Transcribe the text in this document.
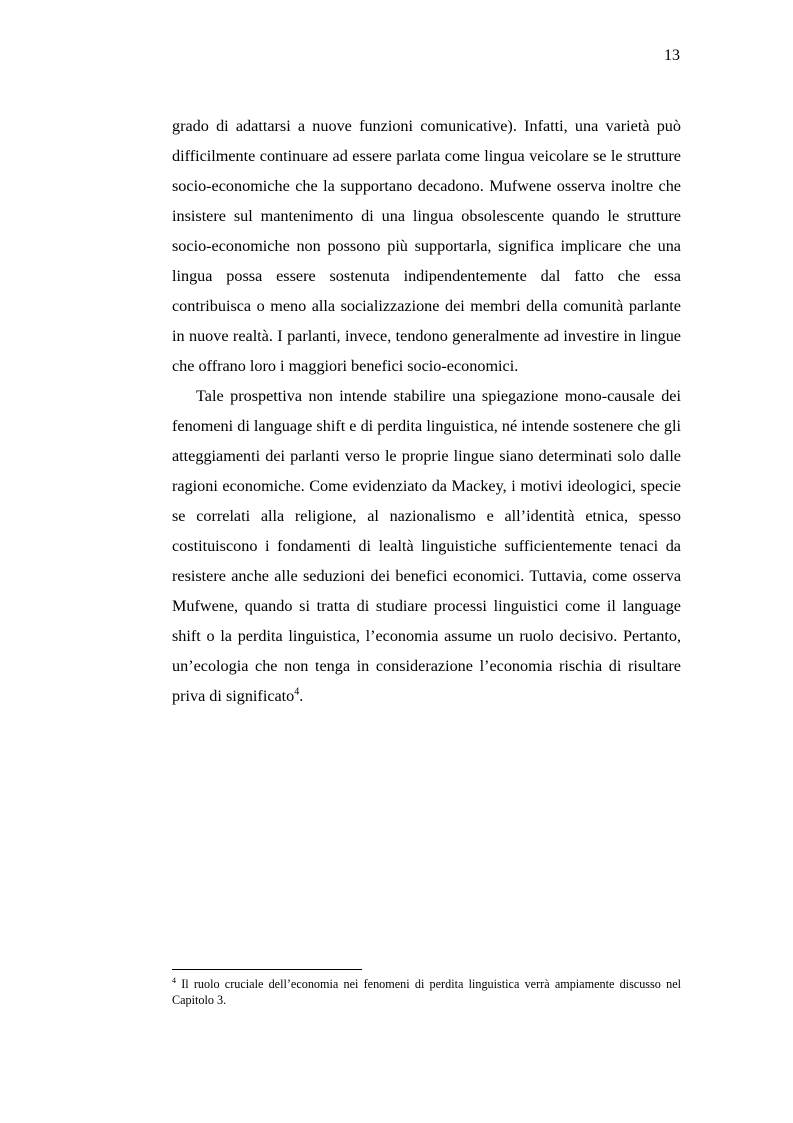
13

grado di adattarsi a nuove funzioni comunicative). Infatti, una varietà può difficilmente continuare ad essere parlata come lingua veicolare se le strutture socio-economiche che la supportano decadono. Mufwene osserva inoltre che insistere sul mantenimento di una lingua obsolescente quando le strutture socio-economiche non possono più supportarla, significa implicare che una lingua possa essere sostenuta indipendentemente dal fatto che essa contribuisca o meno alla socializzazione dei membri della comunità parlante in nuove realtà. I parlanti, invece, tendono generalmente ad investire in lingue che offrano loro i maggiori benefici socio-economici.

Tale prospettiva non intende stabilire una spiegazione mono-causale dei fenomeni di language shift e di perdita linguistica, né intende sostenere che gli atteggiamenti dei parlanti verso le proprie lingue siano determinati solo dalle ragioni economiche. Come evidenziato da Mackey, i motivi ideologici, specie se correlati alla religione, al nazionalismo e all’identità etnica, spesso costituiscono i fondamenti di lealtà linguistiche sufficientemente tenaci da resistere anche alle seduzioni dei benefici economici. Tuttavia, come osserva Mufwene, quando si tratta di studiare processi linguistici come il language shift o la perdita linguistica, l’economia assume un ruolo decisivo. Pertanto, un’ecologia che non tenga in considerazione l’economia rischia di risultare priva di significato$^4$.

$^4$ Il ruolo cruciale dell’economia nei fenomeni di perdita linguistica verrà ampiamente discusso nel Capitolo 3.
